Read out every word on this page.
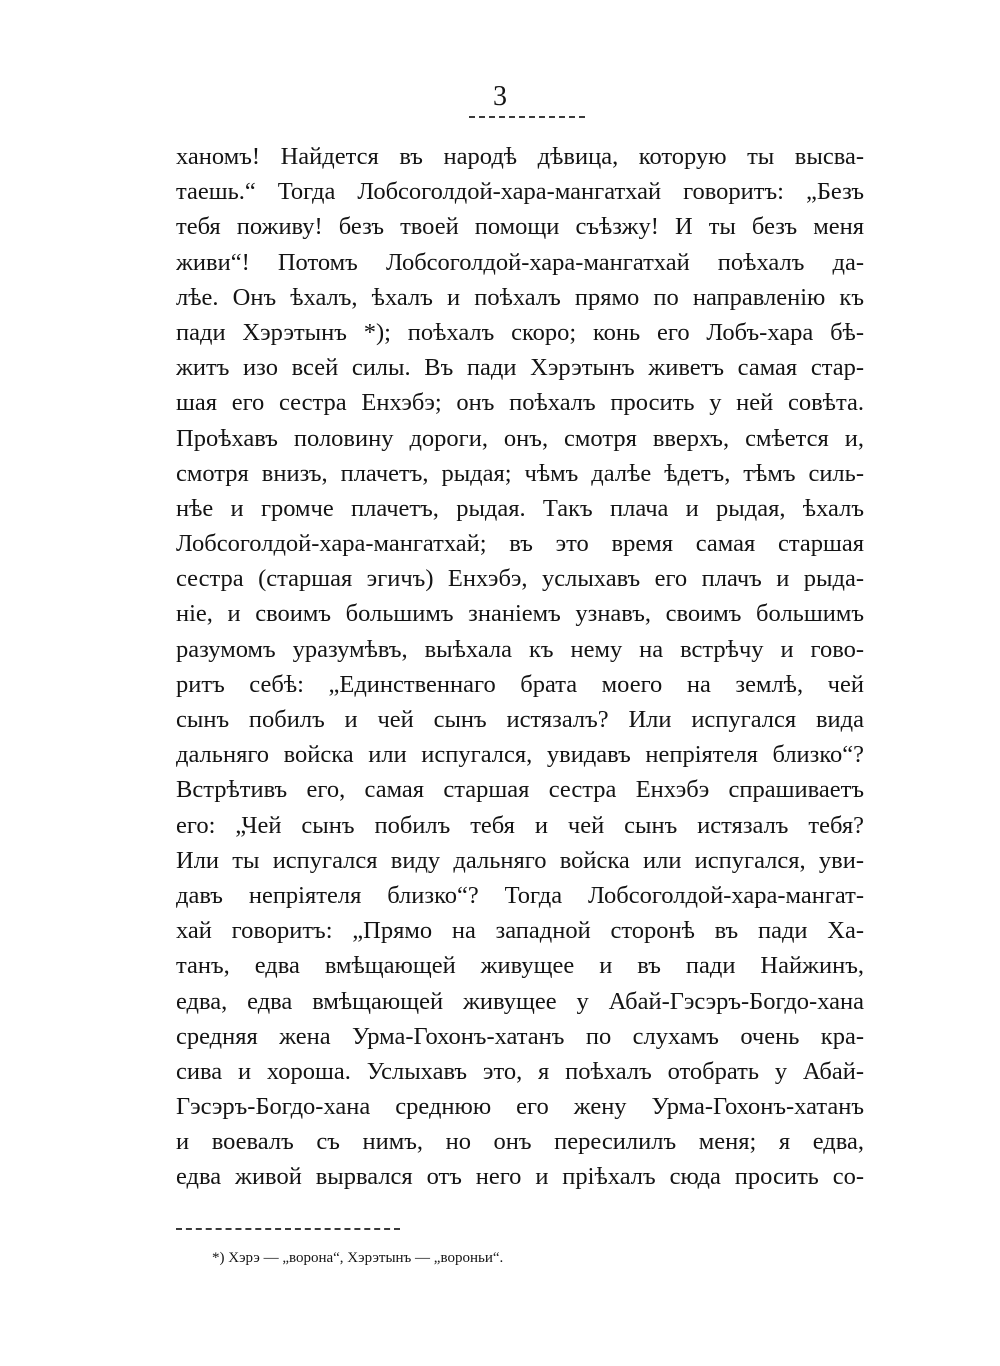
3
ханомъ! Найдется въ народѣ дѣвица, которую ты высва-
таешь.“ Тогда Лобсоголдой-хара-мангатхай говоритъ: „Безъ
тебя поживу! безъ твоей помощи съѣзжу! И ты безъ меня
живи“! Потомъ Лобсоголдой-хара-мангатхай поѣхалъ да-
лѣе. Онъ ѣхалъ, ѣхалъ и поѣхалъ прямо по направленію къ
пади Хэрэтынъ *); поѣхалъ скоро; конь его Лобъ-хара бѣ-
житъ изо всей силы. Въ пади Хэрэтынъ живетъ самая стар-
шая его сестра Енхэбэ; онъ поѣхалъ просить у ней совѣта.
Проѣхавъ половину дороги, онъ, смотря вверхъ, смѣется и,
смотря внизъ, плачетъ, рыдая; чѣмъ далѣе ѣдетъ, тѣмъ силь-
нѣе и громче плачетъ, рыдая. Такъ плача и рыдая, ѣхалъ
Лобсоголдой-хара-мангатхай; въ это время самая старшая
сестра (старшая эгичъ) Енхэбэ, услыхавъ его плачъ и рыда-
ніе, и своимъ большимъ знаніемъ узнавъ, своимъ большимъ
разумомъ уразумѣвъ, выѣхала къ нему на встрѣчу и гово-
ритъ себѣ: „Единственнаго брата моего на землѣ, чей
сынъ побилъ и чей сынъ истязалъ? Или испугался вида
дальняго войска или испугался, увидавъ непріятеля близко“?
Встрѣтивъ его, самая старшая сестра Енхэбэ спрашиваетъ
его: „Чей сынъ побилъ тебя и чей сынъ истязалъ тебя?
Или ты испугался виду дальняго войска или испугался, уви-
давъ непріятеля близко“? Тогда Лобсоголдой-хара-мангат-
хай говоритъ: „Прямо на западной сторонѣ въ пади Ха-
танъ, едва вмѣщающей живущее и въ пади Найжинъ,
едва, едва вмѣщающей живущее у Абай-Гэсэръ-Богдо-хана
средняя жена Урма-Гохонъ-хатанъ по слухамъ очень кра-
сива и хороша. Услыхавъ это, я поѣхалъ отобрать у Абай-
Гэсэръ-Богдо-хана среднюю его жену Урма-Гохонъ-хатанъ
и воевалъ съ нимъ, но онъ пересилилъ меня; я едва,
едва живой вырвался отъ него и пріѣхалъ сюда просить со-
*) Хэрэ — „ворона“, Хэрэтынъ — „вороньи“.
